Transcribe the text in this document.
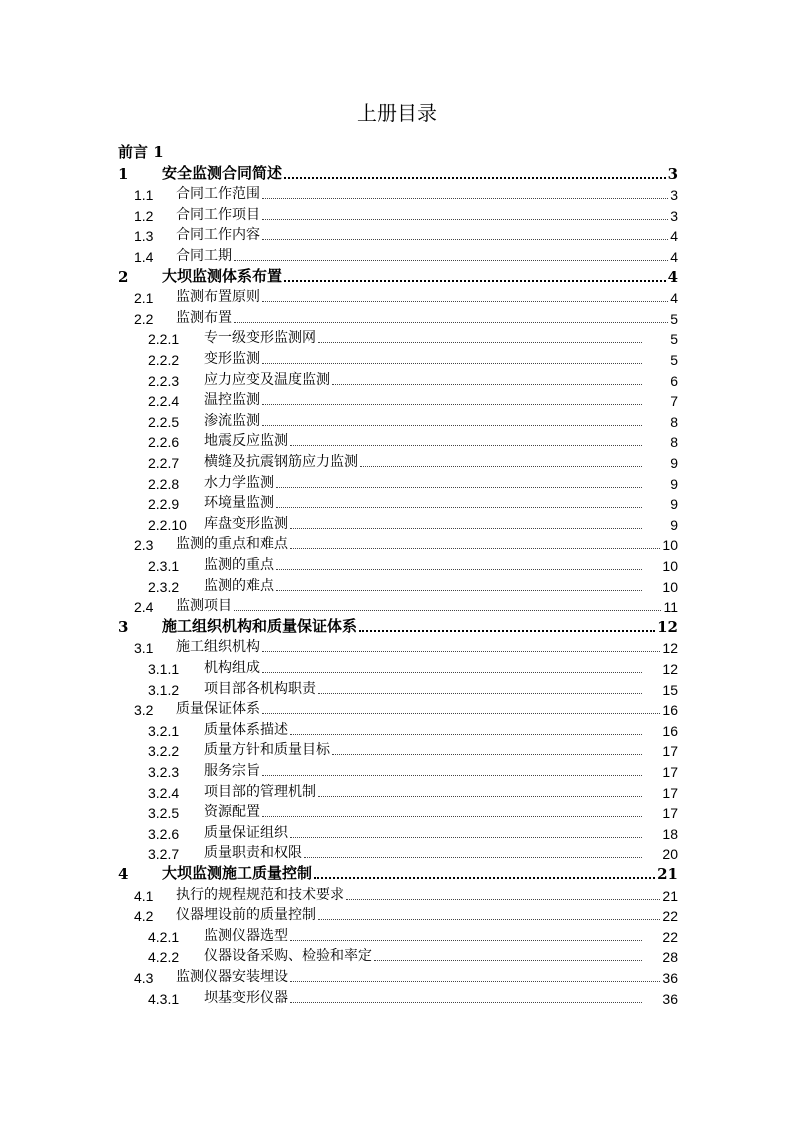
上册目录
前言 1
1	安全监测合同简述	3
1.1	合同工作范围	3
1.2	合同工作项目	3
1.3	合同工作内容	4
1.4	合同工期	4
2	大坝监测体系布置	4
2.1	监测布置原则	4
2.2	监测布置	5
2.2.1	专一级变形监测网	5
2.2.2	变形监测	5
2.2.3	应力应变及温度监测	6
2.2.4	温控监测	7
2.2.5	渗流监测	8
2.2.6	地震反应监测	8
2.2.7	横缝及抗震钢筋应力监测	9
2.2.8	水力学监测	9
2.2.9	环境量监测	9
2.2.10	库盘变形监测	9
2.3	监测的重点和难点	10
2.3.1	监测的重点	10
2.3.2	监测的难点	10
2.4	监测项目	11
3	施工组织机构和质量保证体系	12
3.1	施工组织机构	12
3.1.1	机构组成	12
3.1.2	项目部各机构职责	15
3.2	质量保证体系	16
3.2.1	质量体系描述	16
3.2.2	质量方针和质量目标	17
3.2.3	服务宗旨	17
3.2.4	项目部的管理机制	17
3.2.5	资源配置	17
3.2.6	质量保证组织	18
3.2.7	质量职责和权限	20
4	大坝监测施工质量控制	21
4.1	执行的规程规范和技术要求	21
4.2	仪器埋设前的质量控制	22
4.2.1	监测仪器选型	22
4.2.2	仪器设备采购、检验和率定	28
4.3	监测仪器安装埋设	36
4.3.1	坝基变形仪器	36
